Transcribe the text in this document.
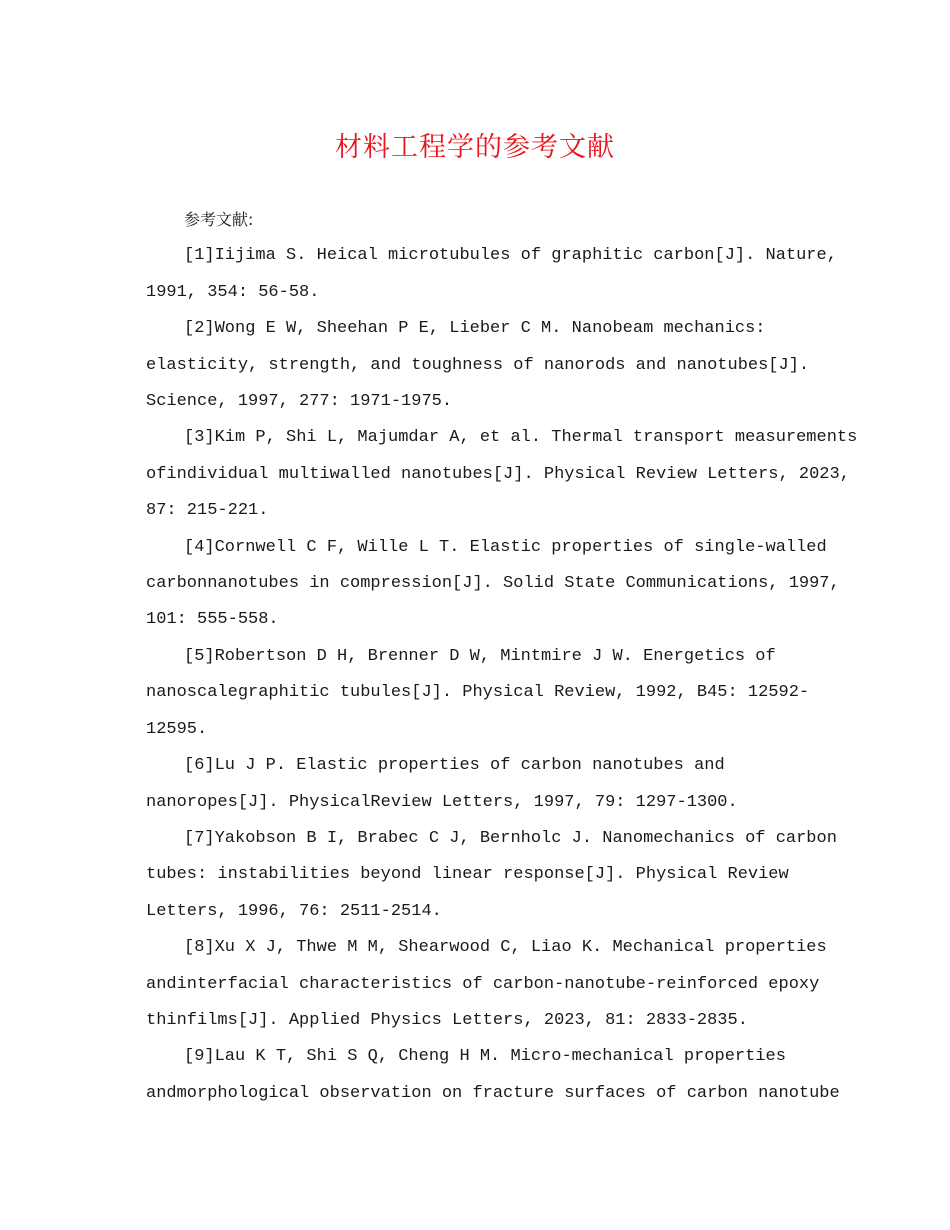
材料工程学的参考文献
参考文献:
[1]Iijima S. Heical microtubules of graphitic carbon[J]. Nature,
1991, 354: 56-58.
[2]Wong E W, Sheehan P E, Lieber C M. Nanobeam mechanics:
elasticity, strength, and toughness of nanorods and nanotubes[J].
Science, 1997, 277: 1971-1975.
[3]Kim P, Shi L, Majumdar A, et al. Thermal transport measurements
ofindividual multiwalled nanotubes[J]. Physical Review Letters, 2023,
87: 215-221.
[4]Cornwell C F, Wille L T. Elastic properties of single-walled
carbonnanotubes in compression[J]. Solid State Communications, 1997,
101: 555-558.
[5]Robertson D H, Brenner D W, Mintmire J W. Energetics of
nanoscalegraphitic tubules[J]. Physical Review, 1992, B45: 12592-
12595.
[6]Lu J P. Elastic properties of carbon nanotubes and
nanoropes[J]. PhysicalReview Letters, 1997, 79: 1297-1300.
[7]Yakobson B I, Brabec C J, Bernholc J. Nanomechanics of carbon
tubes: instabilities beyond linear response[J]. Physical Review
Letters, 1996, 76: 2511-2514.
[8]Xu X J, Thwe M M, Shearwood C, Liao K. Mechanical properties
andinterfacial characteristics of carbon-nanotube-reinforced epoxy
thinfilms[J]. Applied Physics Letters, 2023, 81: 2833-2835.
[9]Lau K T, Shi S Q, Cheng H M. Micro-mechanical properties
andmorphological observation on fracture surfaces of carbon nanotube
